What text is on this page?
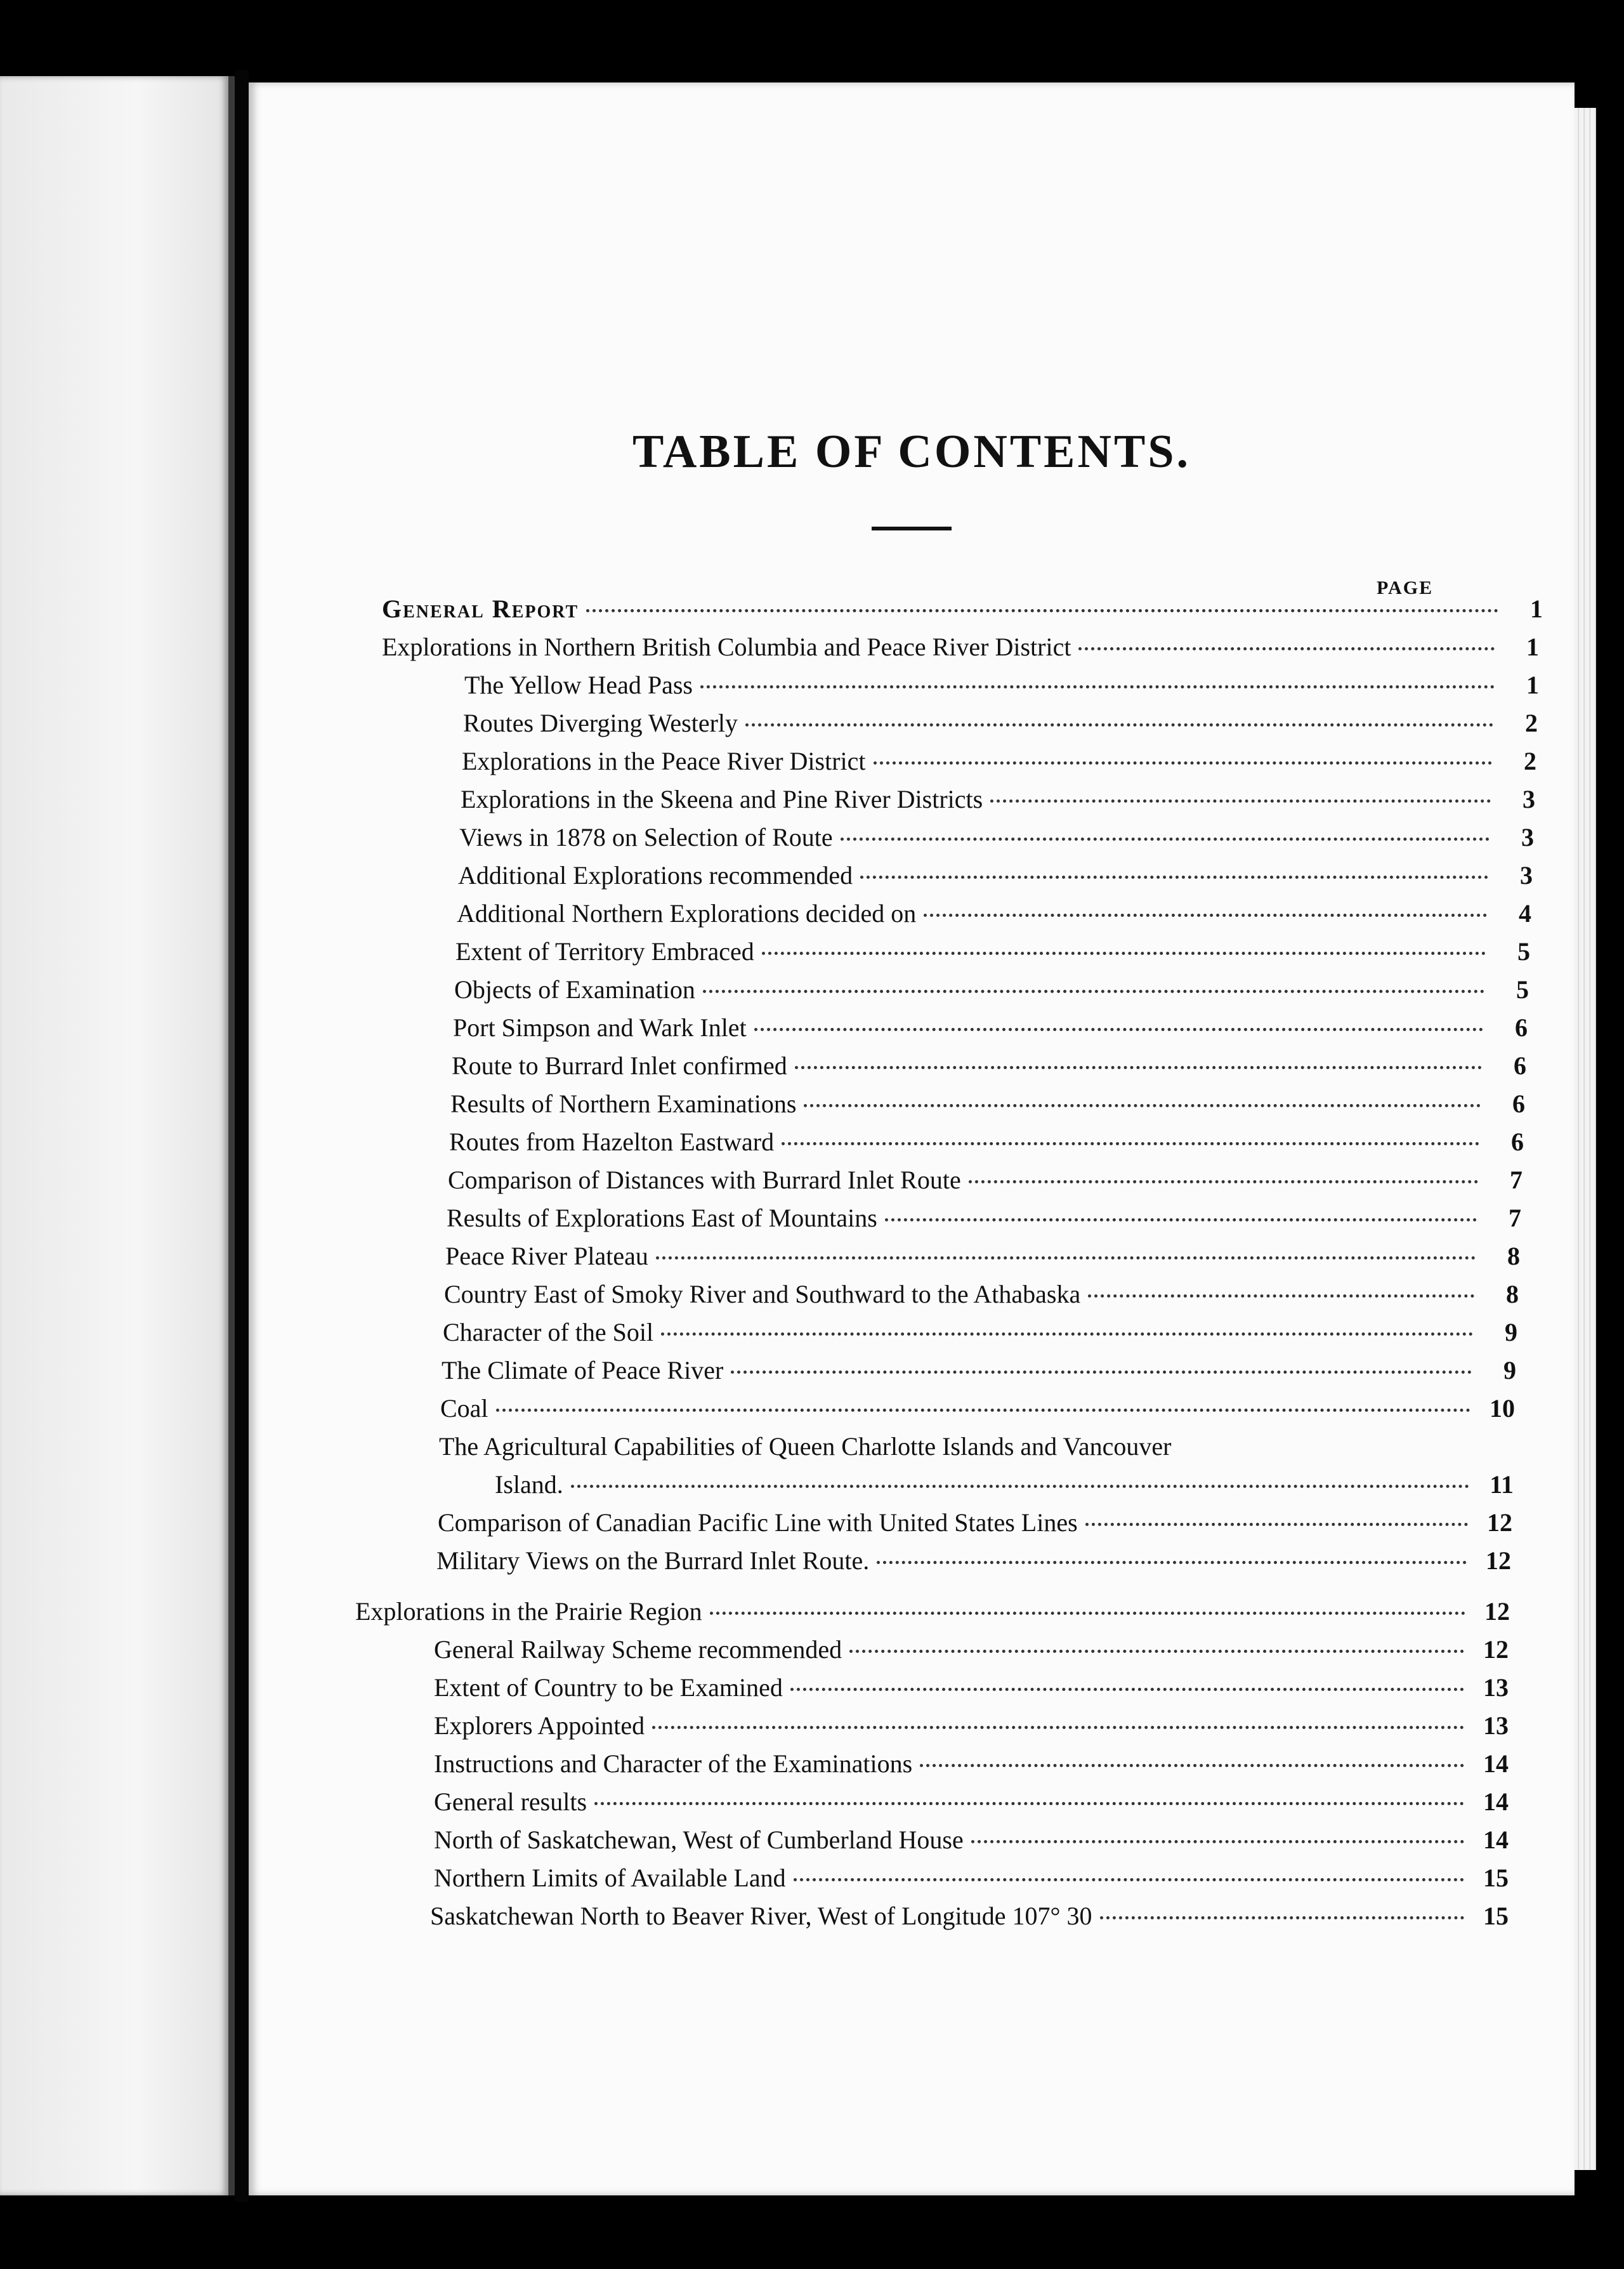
TABLE OF CONTENTS.
PAGE
General Report	1
Explorations in Northern British Columbia and Peace River District	1
The Yellow Head Pass	1
Routes Diverging Westerly	2
Explorations in the Peace River District	2
Explorations in the Skeena and Pine River Districts	3
Views in 1878 on Selection of Route	3
Additional Explorations recommended	3
Additional Northern Explorations decided on	4
Extent of Territory Embraced	5
Objects of Examination	5
Port Simpson and Wark Inlet	6
Route to Burrard Inlet confirmed	6
Results of Northern Examinations	6
Routes from Hazelton Eastward	6
Comparison of Distances with Burrard Inlet Route	7
Results of Explorations East of Mountains	7
Peace River Plateau	8
Country East of Smoky River and Southward to the Athabaska	8
Character of the Soil	9
The Climate of Peace River	9
Coal	10
The Agricultural Capabilities of Queen Charlotte Islands and Vancouver
Island.	11
Comparison of Canadian Pacific Line with United States Lines	12
Military Views on the Burrard Inlet Route.	12
Explorations in the Prairie Region	12
General Railway Scheme recommended	12
Extent of Country to be Examined	13
Explorers Appointed	13
Instructions and Character of the Examinations	14
General results	14
North of Saskatchewan, West of Cumberland House	14
Northern Limits of Available Land	15
Saskatchewan North to Beaver River, West of Longitude 107° 30	15
